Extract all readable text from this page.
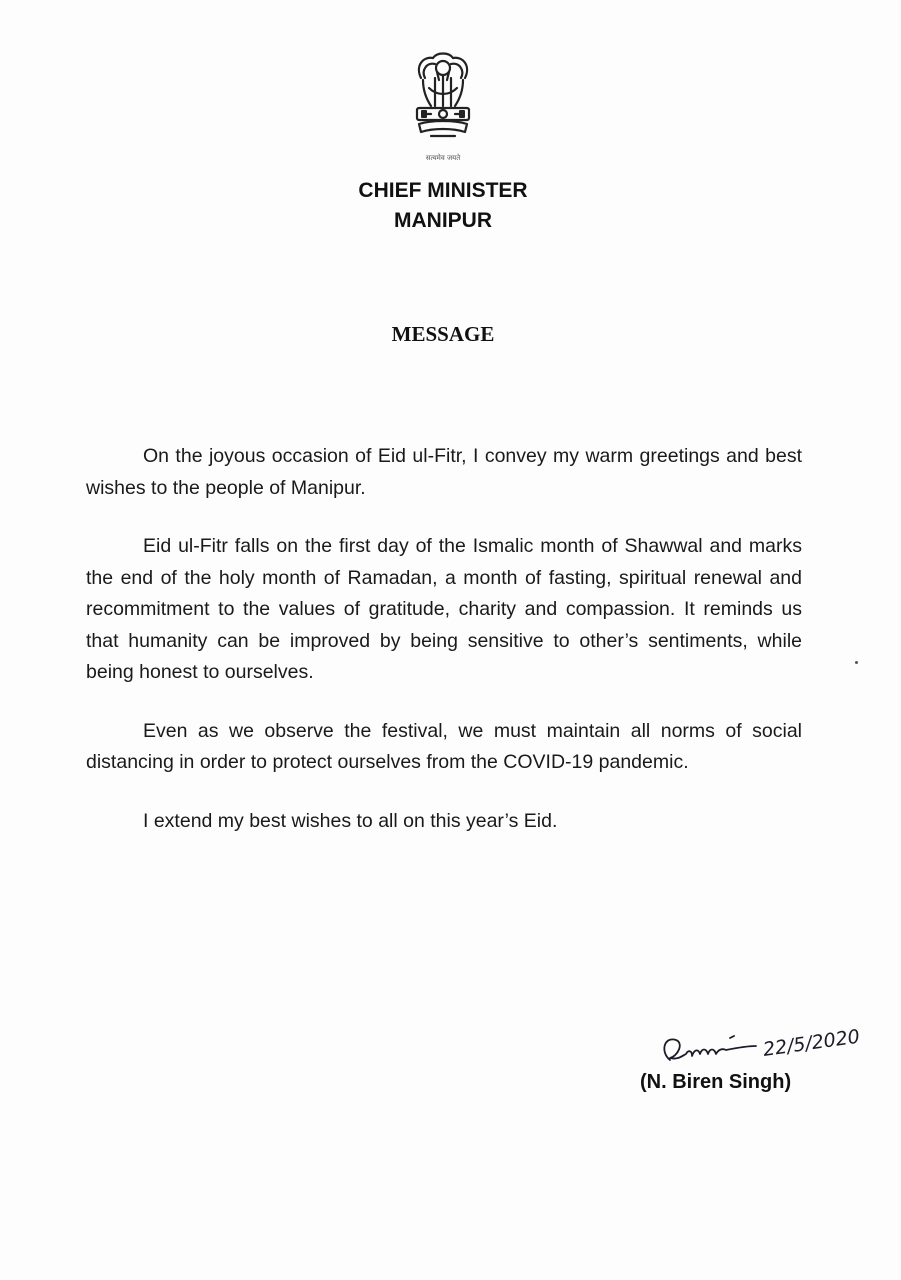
सत्यमेव जयते
CHIEF MINISTER
MANIPUR
MESSAGE

On the joyous occasion of Eid ul-Fitr, I convey my warm greetings and best wishes to the people of Manipur.

Eid ul-Fitr falls on the first day of the Ismalic month of Shawwal and marks the end of the holy month of Ramadan, a month of fasting, spiritual renewal and recommitment to the values of gratitude, charity and compassion. It reminds us that humanity can be improved by being sensitive to other’s sentiments, while being honest to ourselves.

Even as we observe the festival, we must maintain all norms of social distancing in order to protect ourselves from the COVID-19 pandemic.

I extend my best wishes to all on this year’s Eid.

22/5/2020
(N. Biren Singh)
